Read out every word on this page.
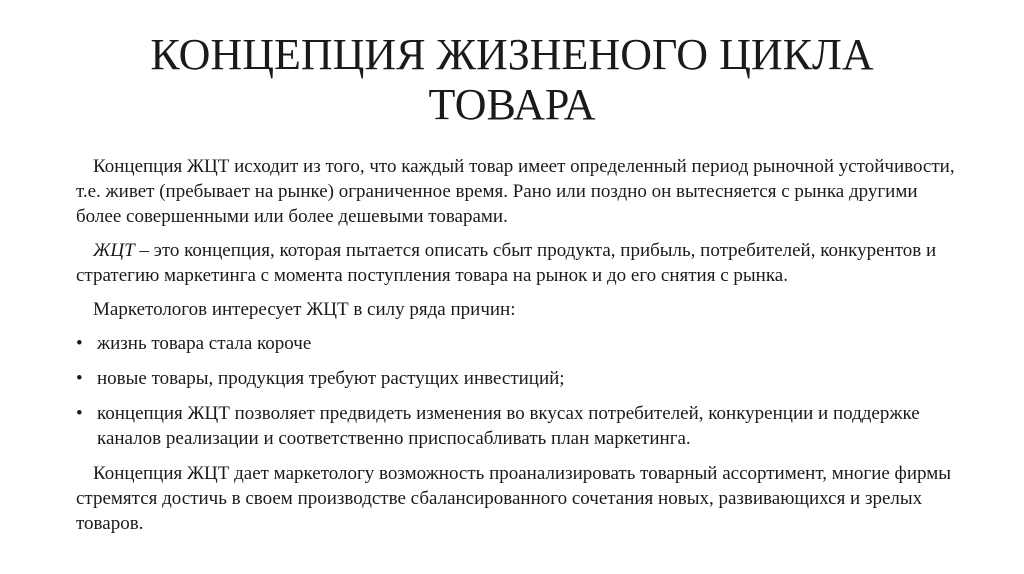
КОНЦЕПЦИЯ ЖИЗНЕНОГО ЦИКЛА
ТОВАРА

Концепция ЖЦТ исходит из того, что каждый товар имеет определенный период рыночной устойчивости, т.е. живет (пребывает на рынке) ограниченное время. Рано или поздно он вытесняется с рынка другими более совершенными или более дешевыми товарами.

ЖЦТ – это концепция, которая пытается описать сбыт продукта, прибыль, потребителей, конкурентов и стратегию маркетинга с момента поступления товара на рынок и до его снятия с рынка.

Маркетологов интересует ЖЦТ в силу ряда причин:

• жизнь товара стала короче
• новые товары, продукция требуют растущих инвестиций;
• концепция ЖЦТ позволяет предвидеть изменения во вкусах потребителей, конкуренции и поддержке каналов реализации и соответственно приспосабливать план маркетинга.

Концепция ЖЦТ дает маркетологу возможность проанализировать товарный ассортимент, многие фирмы стремятся достичь в своем производстве сбалансированного сочетания новых, развивающихся и зрелых товаров.
